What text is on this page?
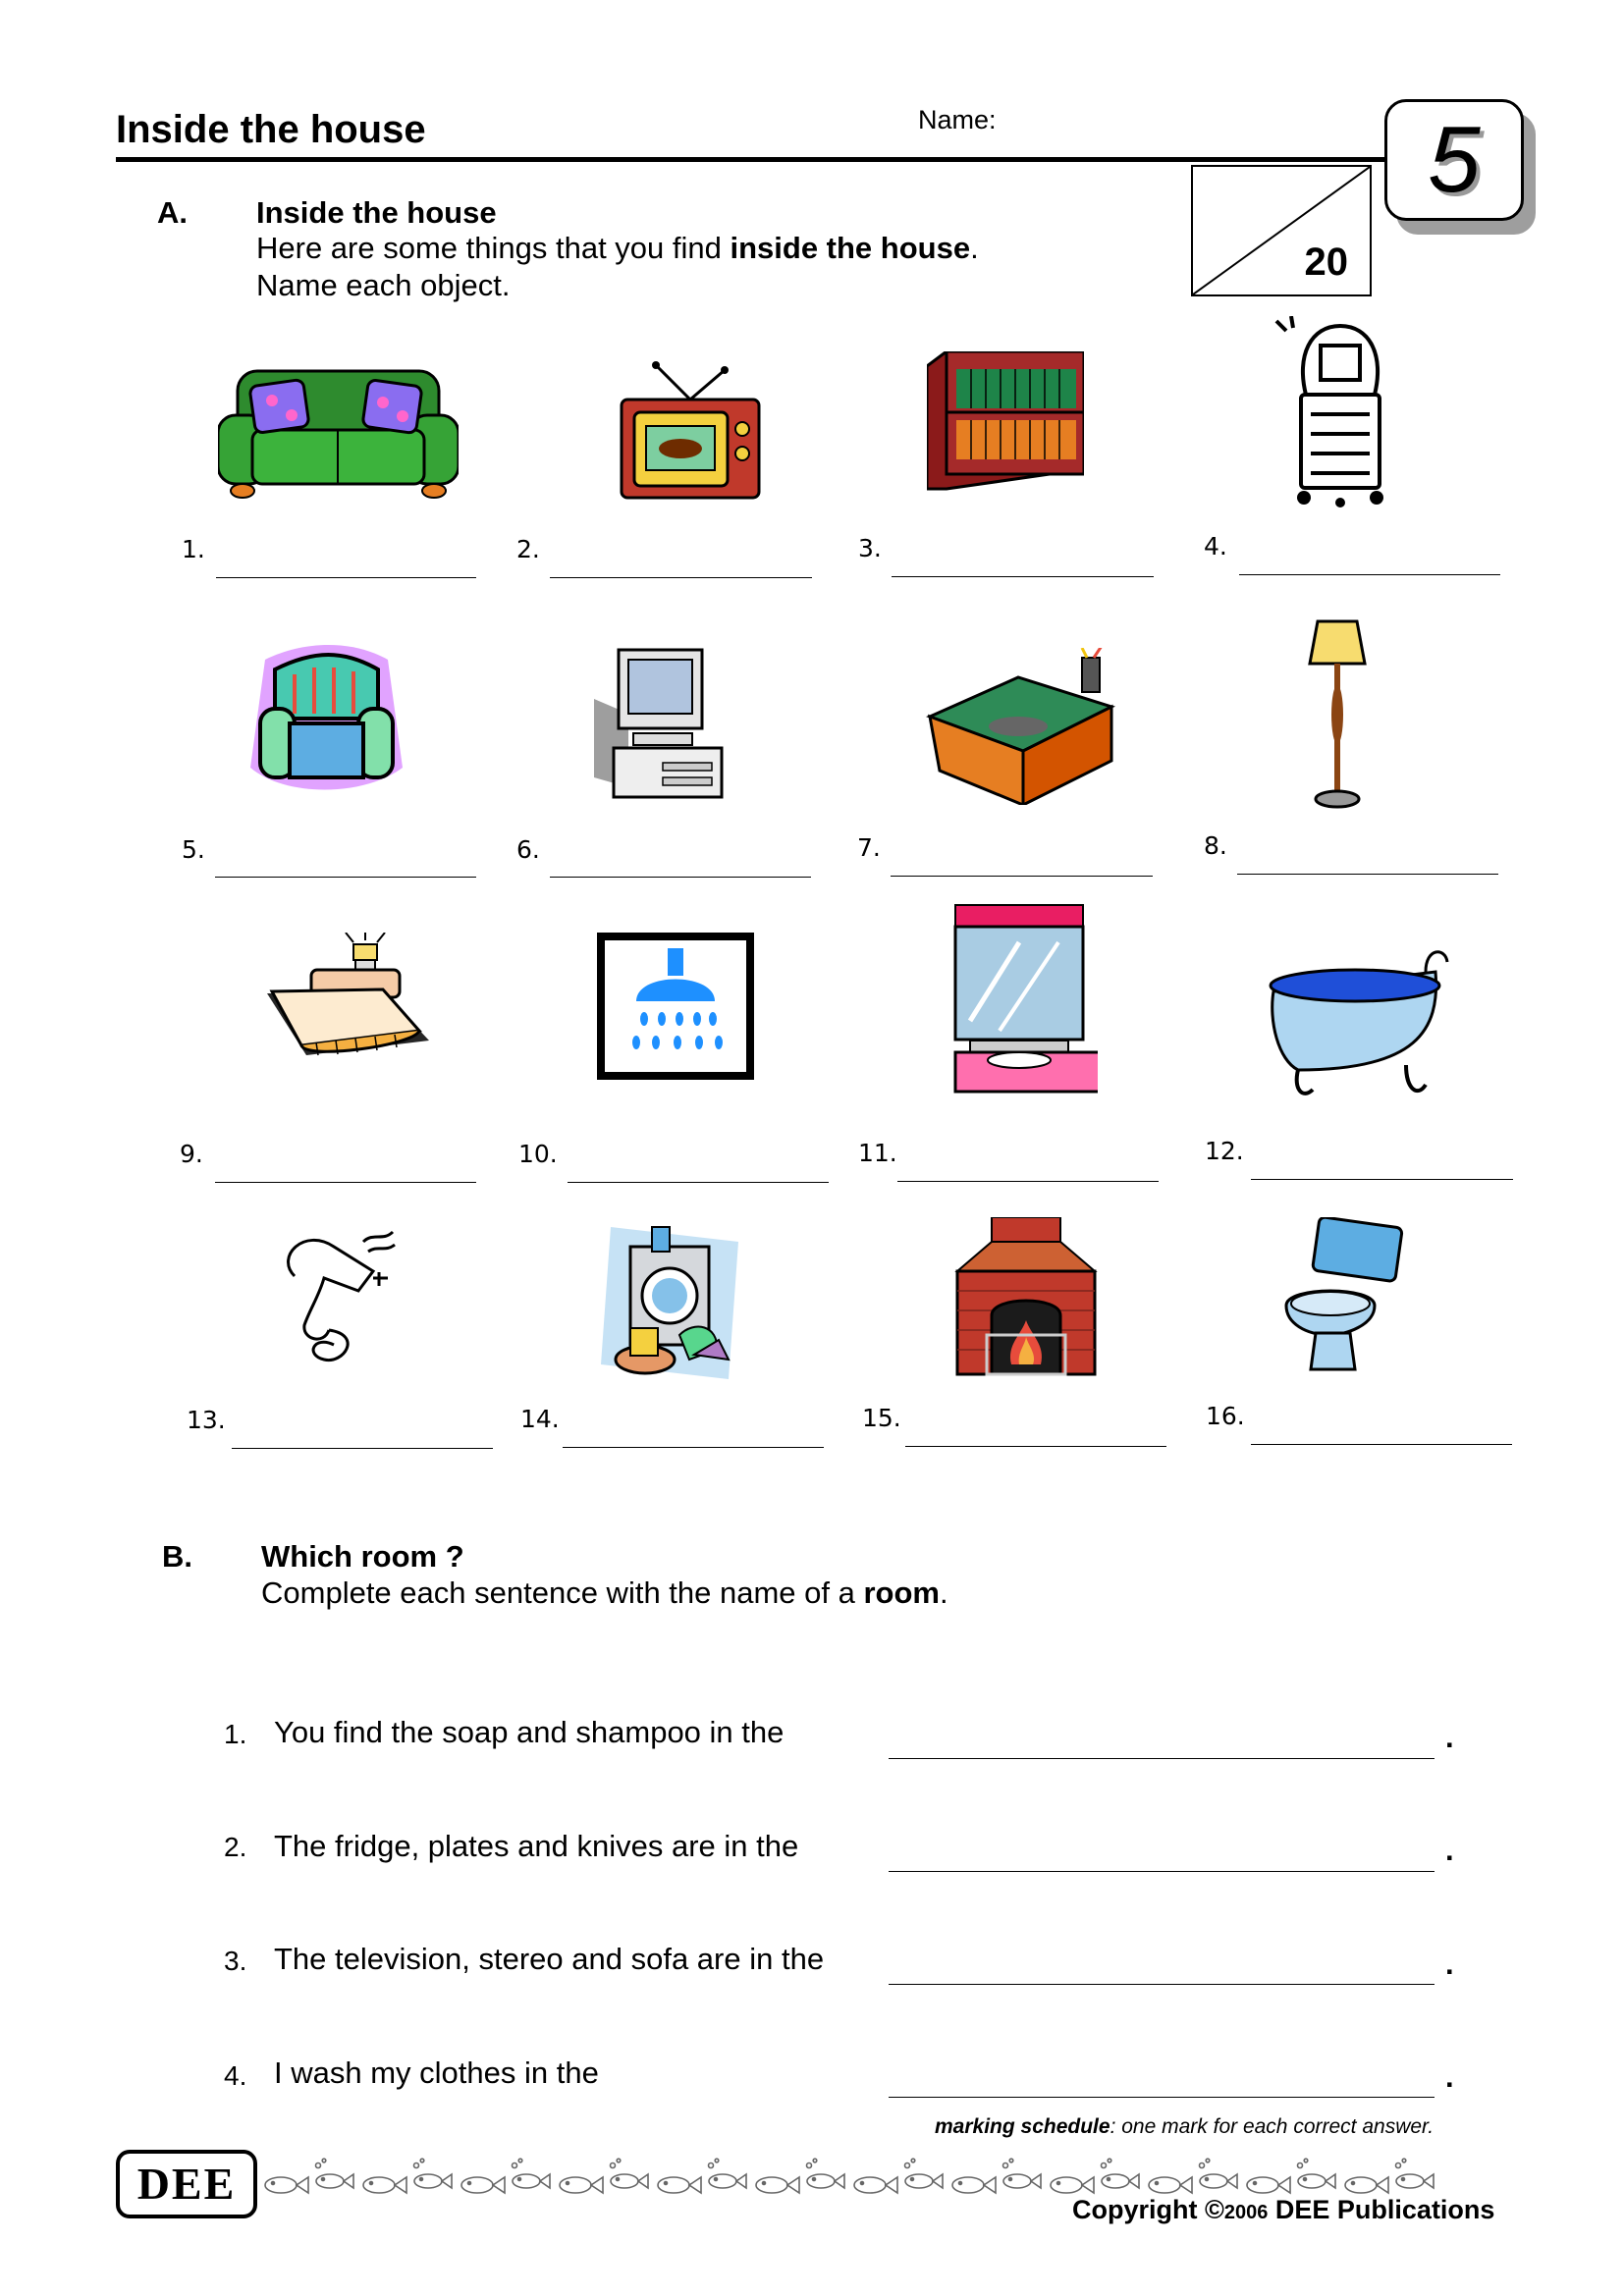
Inside the house	Name:
20
5
A. Inside the house
Here are some things that you find inside the house.
Name each object.
1.	2.	3.	4.
5.	6.	7.	8.
9.	10.	11.	12.
13.	14.	15.	16.
B. Which room ?
Complete each sentence with the name of a room.
1. You find the soap and shampoo in the	.
2. The fridge, plates and knives are in the	.
3. The television, stereo and sofa are in the	.
4. I wash my clothes in the	.
marking schedule: one mark for each correct answer.
DEE
Copyright ©2006 DEE Publications
